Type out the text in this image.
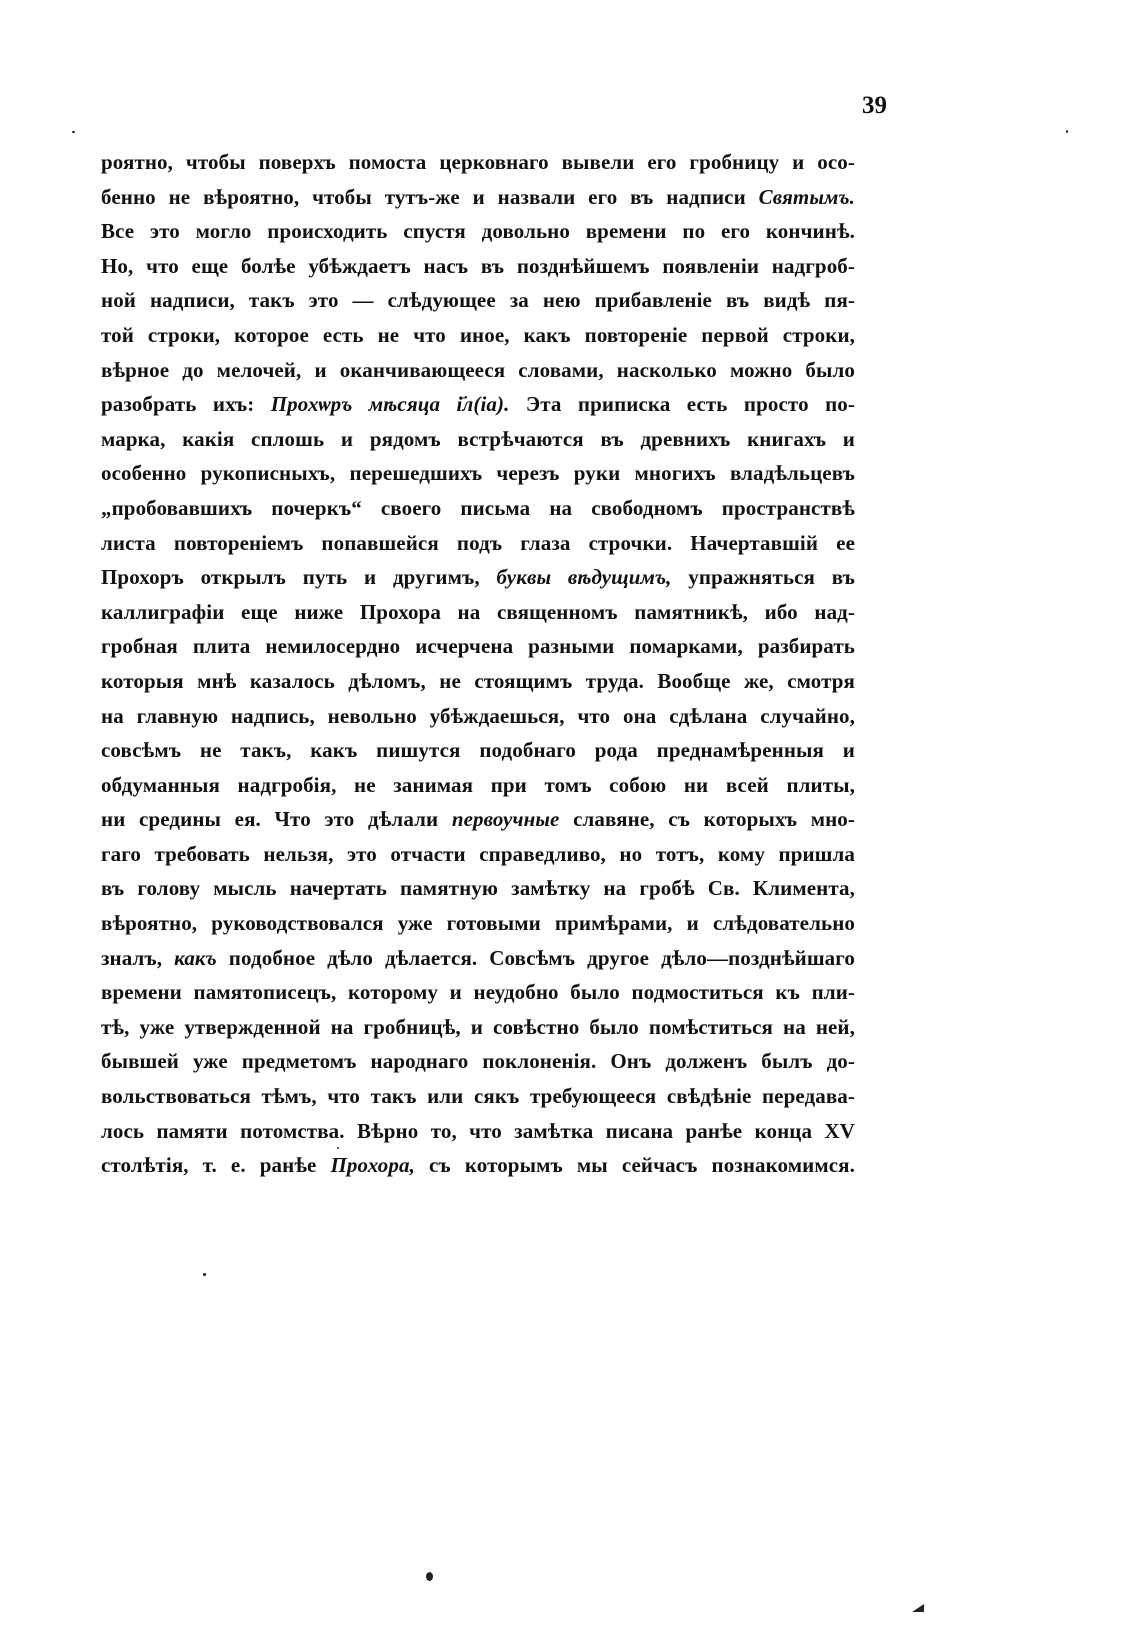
39
роятно, чтобы поверхъ помоста церковнаго вывели его гробницу и осо-
бенно не вѣроятно, чтобы тутъ-же и назвали его въ надписи Святымъ.
Все это могло происходить спустя довольно времени по его кончинѣ.
Но, что еще болѣе убѣждаетъ насъ въ позднѣйшемъ появленіи надгроб-
ной надписи, такъ это — слѣдующее за нею прибавленіе въ видѣ пя-
той строки, которое есть не что иное, какъ повтореніе первой строки,
вѣрное до мелочей, и оканчивающееся словами, насколько можно было
разобрать ихъ: Прохѡръ мѣсяца і҃л(іа). Эта приписка есть просто по-
марка, какія сплошь и рядомъ встрѣчаются въ древнихъ книгахъ и
особенно рукописныхъ, перешедшихъ черезъ руки многихъ владѣльцевъ
„пробовавшихъ почеркъ“ своего письма на свободномъ пространствѣ
листа повтореніемъ попавшейся подъ глаза строчки. Начертавшій ее
Прохоръ открылъ путь и другимъ, буквы вѣдущимъ, упражняться въ
каллиграфіи еще ниже Прохора на священномъ памятникѣ, ибо над-
гробная плита немилосердно исчерчена разными помарками, разбирать
которыя мнѣ казалось дѣломъ, не стоящимъ труда. Вообще же, смотря
на главную надпись, невольно убѣждаешься, что она сдѣлана случайно,
совсѣмъ не такъ, какъ пишутся подобнаго рода преднамѣренныя и
обдуманныя надгробія, не занимая при томъ собою ни всей плиты,
ни средины ея. Что это дѣлали первоучные славяне, съ которыхъ мно-
гаго требовать нельзя, это отчасти справедливо, но тотъ, кому пришла
въ голову мысль начертать памятную замѣтку на гробѣ Св. Климента,
вѣроятно, руководствовался уже готовыми примѣрами, и слѣдовательно
зналъ, какъ подобное дѣло дѣлается. Совсѣмъ другое дѣло—позднѣйшаго
времени памятописецъ, которому и неудобно было подмоститься къ пли-
тѣ, уже утвержденной на гробницѣ, и совѣстно было помѣститься на ней,
бывшей уже предметомъ народнаго поклоненія. Онъ долженъ былъ до-
вольствоваться тѣмъ, что такъ или сякъ требующееся свѣдѣніе передава-
лось памяти потомства. Вѣрно то, что замѣтка писана ранѣе конца XV
столѣтія, т. е. ранѣе Прохора, съ которымъ мы сейчасъ познакомимся.
